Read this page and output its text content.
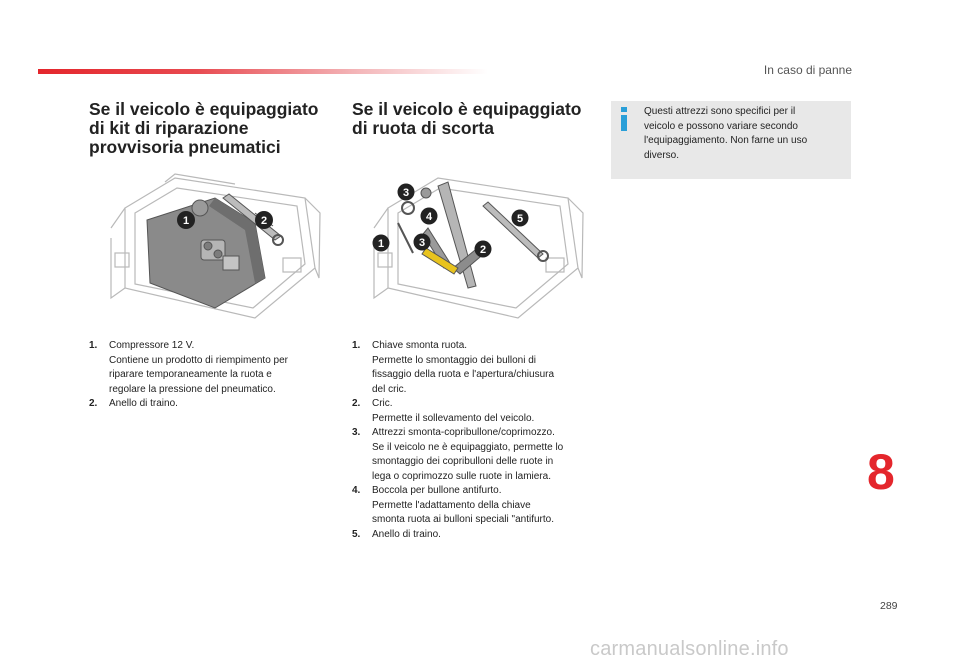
In caso di panne
Se il veicolo è equipaggiato
di kit di riparazione
provvisoria pneumatici
Se il veicolo è equipaggiato
di ruota di scorta
Questi attrezzi sono specifici per il
veicolo e possono variare secondo
l'equipaggiamento. Non farne un uso
diverso.
1	2
3
4	5
1	3
2
1. Compressore 12 V.
Contiene un prodotto di riempimento per
riparare temporaneamente la ruota e
regolare la pressione del pneumatico.
2. Anello di traino.
1. Chiave smonta ruota.
Permette lo smontaggio dei bulloni di
fissaggio della ruota e l'apertura/chiusura
del cric.
2. Cric.
Permette il sollevamento del veicolo.
3. Attrezzi smonta-copribullone/coprimozzo.
Se il veicolo ne è equipaggiato, permette lo
smontaggio dei copribulloni delle ruote in
lega o coprimozzo sulle ruote in lamiera.
4. Boccola per bullone antifurto.
Permette l'adattamento della chiave
smonta ruota ai bulloni speciali "antifurto.
5. Anello di traino.
8
289
carmanualsonline.info
